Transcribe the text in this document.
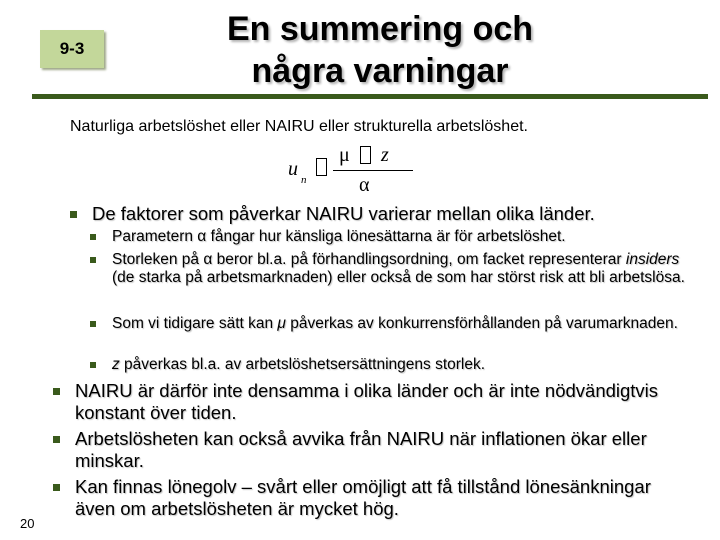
9-3
En summering och
några varningar
Naturliga arbetslöshet eller NAIRU eller strukturella arbetslöshet.
u n
μ z
α
De faktorer som påverkar NAIRU varierar mellan olika länder.
Parametern α fångar hur känsliga lönesättarna är för arbetslöshet.
Storleken på α beror bl.a. på förhandlingsordning, om facket representerar insiders (de starka på arbetsmarknaden) eller också de som har störst risk att bli arbetslösa.
Som vi tidigare sätt kan μ påverkas av konkurrensförhållanden på varumarknaden.
z påverkas bl.a. av arbetslöshetsersättningens storlek.
NAIRU är därför inte densamma i olika länder och är inte nödvändigtvis konstant över tiden.
Arbetslösheten kan också avvika från NAIRU när inflationen ökar eller minskar.
Kan finnas lönegolv – svårt eller omöjligt att få tillstånd lönesänkningar även om arbetslösheten är mycket hög.
20
